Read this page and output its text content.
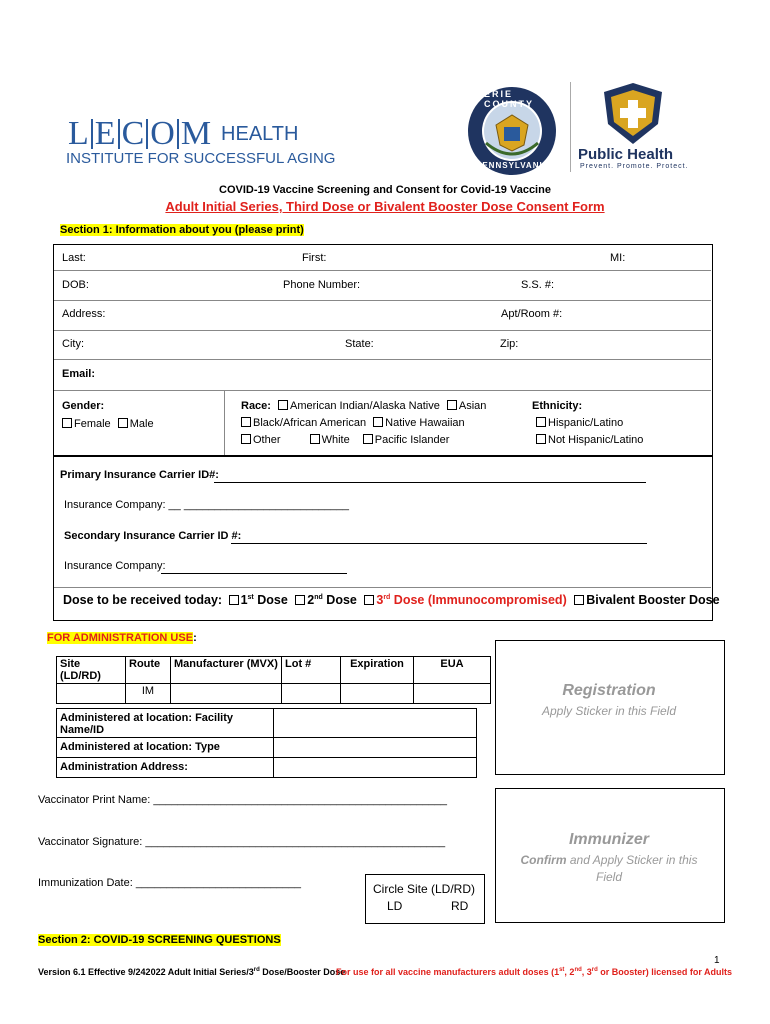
L E C O M HEALTH
INSTITUTE FOR SUCCESSFUL AGING
ERIE COUNTY
PENNSYLVANIA
Public Health
Prevent. Promote. Protect.
COVID-19 Vaccine Screening and Consent for Covid-19 Vaccine
Adult Initial Series, Third Dose or Bivalent Booster Dose Consent Form
Section 1: Information about you (please print)
Last:	First:	MI:
DOB:	Phone Number:	S.S. #:
Address:	Apt/Room #:
City:	State:	Zip:
Email:
Gender:
Female Male
Race: American Indian/Alaska Native Asian
Black/African American Native Hawaiian
Other	White Pacific Islander
Ethnicity:
Hispanic/Latino
Not Hispanic/Latino
Primary Insurance Carrier ID#:
Insurance Company: __ ___________________________
Secondary Insurance Carrier ID #:
Insurance Company:
Dose to be received today: 1st Dose 2nd Dose 3rd Dose (Immunocompromised) Bivalent Booster Dose
FOR ADMINISTRATION USE:
Site (LD/RD)	Route	Manufacturer (MVX)	Lot #	Expiration	EUA
	IM				
Administered at location: Facility Name/ID	
Administered at location: Type	
Administration Address:	
Registration
Apply Sticker in this Field
Immunizer
Confirm and Apply Sticker in this Field
Vaccinator Print Name: ________________________________________________
Vaccinator Signature: _________________________________________________
Immunization Date: ___________________________	Circle Site (LD/RD)
LD	RD
Section 2: COVID-19 SCREENING QUESTIONS
1
Version 6.1 Effective 9/242022 Adult Initial Series/3rd Dose/Booster Dose
For use for all vaccine manufacturers adult doses (1st, 2nd, 3rd or Booster) licensed for Adults
